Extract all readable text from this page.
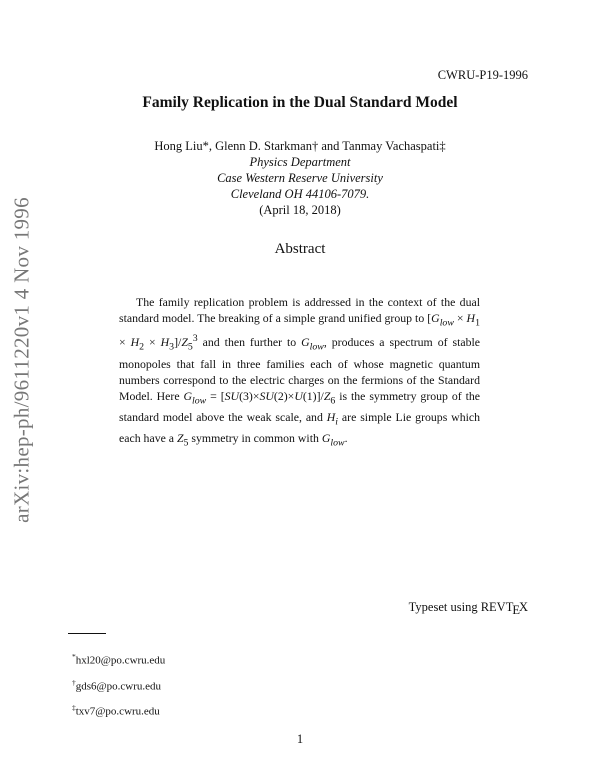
arXiv:hep-ph/9611220v1 4 Nov 1996
CWRU-P19-1996
Family Replication in the Dual Standard Model
Hong Liu*, Glenn D. Starkman† and Tanmay Vachaspati‡
Physics Department
Case Western Reserve University
Cleveland OH 44106-7079.
(April 18, 2018)
Abstract

The family replication problem is addressed in the context of the dual standard model. The breaking of a simple grand unified group to $[G_{low} \times H_1 \times H_2 \times H_3]/Z_5^3$ and then further to $G_{low}$, produces a spectrum of stable monopoles that fall in three families each of whose magnetic quantum numbers correspond to the electric charges on the fermions of the Standard Model. Here $G_{low} = [SU(3)\times SU(2)\times U(1)]/Z_6$ is the symmetry group of the standard model above the weak scale, and $H_i$ are simple Lie groups which each have a $Z_5$ symmetry in common with $G_{low}$.

Typeset using REVTEX
*hxl20@po.cwru.edu
†gds6@po.cwru.edu
‡txv7@po.cwru.edu
1
